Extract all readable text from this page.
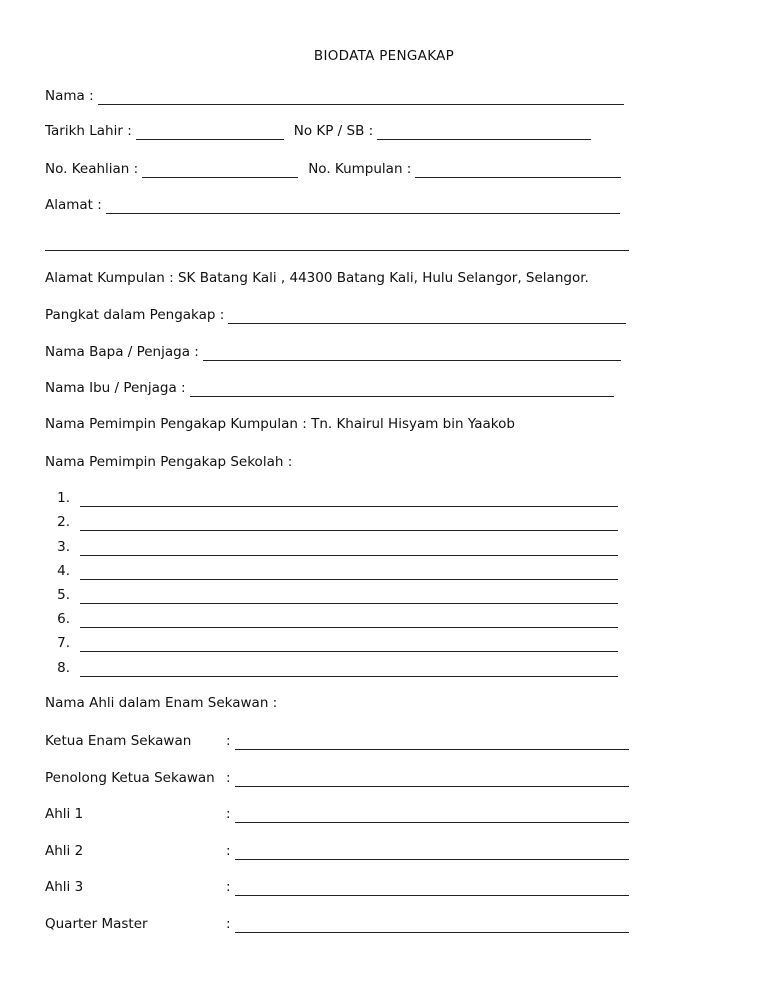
BIODATA PENGAKAP
Nama :
Tarikh Lahir :	No KP / SB :
No. Keahlian :	No. Kumpulan :
Alamat :
Alamat Kumpulan : SK Batang Kali , 44300 Batang Kali, Hulu Selangor, Selangor.
Pangkat dalam Pengakap :
Nama Bapa / Penjaga :
Nama Ibu / Penjaga :
Nama Pemimpin Pengakap Kumpulan : Tn. Khairul Hisyam bin Yaakob
Nama Pemimpin Pengakap Sekolah :
1.
2.
3.
4.
5.
6.
7.
8.
Nama Ahli dalam Enam Sekawan :
Ketua Enam Sekawan	:
Penolong Ketua Sekawan :
Ahli 1	:
Ahli 2	:
Ahli 3	:
Quarter Master	:
